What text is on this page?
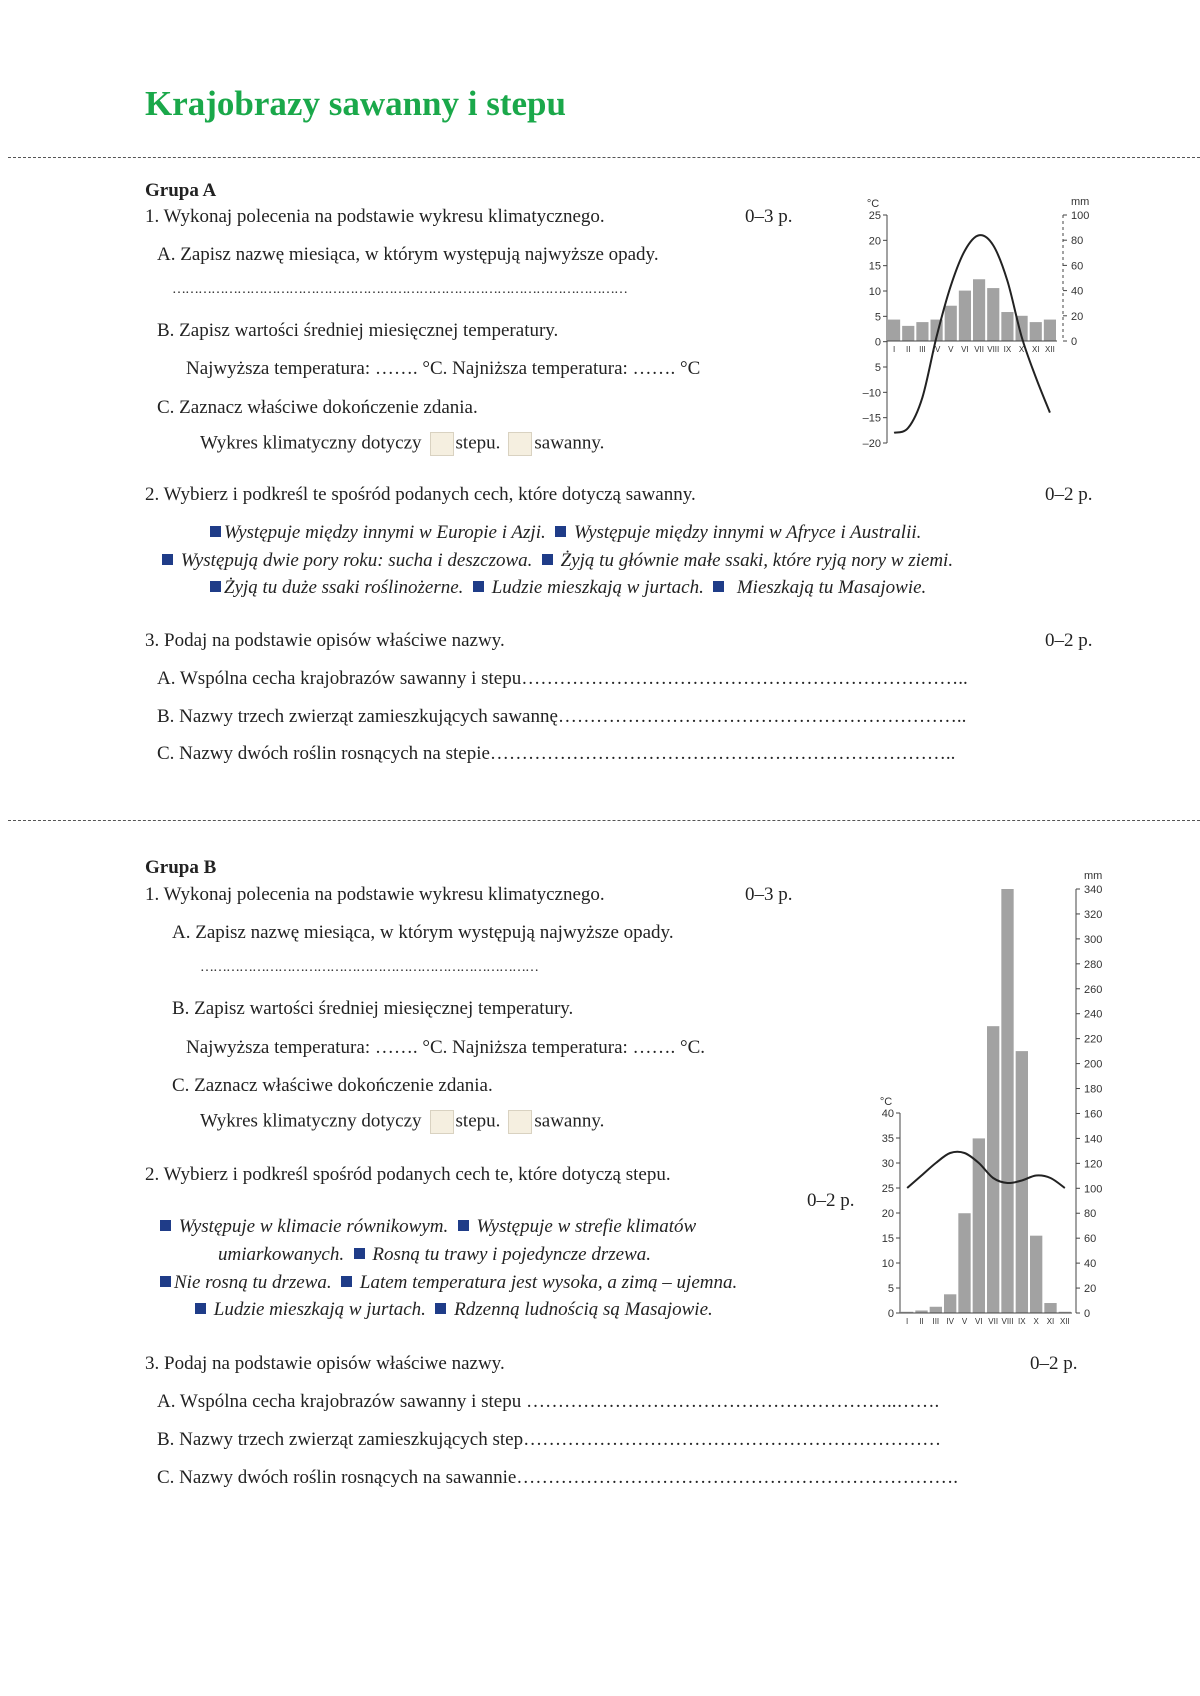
Krajobrazy sawanny i stepu
Grupa A
1. Wykonaj polecenia na podstawie wykresu klimatycznego.	0–3 p.
A. Zapisz nazwę miesiąca, w którym występują najwyższe opady.
……………………………………………………………………………………………
B. Zapisz wartości średniej miesięcznej temperatury.
Najwyższa temperatura: ……. °C. Najniższa temperatura: ……. °C
C. Zaznacz właściwe dokończenie zdania.
Wykres klimatyczny dotyczy stepu. sawanny.
25
20
15
10
5
0
5
–10
–15
–20
°C
100
80
60
40
20
0
mm
I II III IV V VI VII VIII IX X XI XII
2. Wybierz i podkreśl te spośród podanych cech, które dotyczą sawanny.	0–2 p.
Występuje między innymi w Europie i Azji. Występuje między innymi w Afryce i Australii.
Występują dwie pory roku: sucha i deszczowa. Żyją tu głównie małe ssaki, które ryją nory w ziemi.
Żyją tu duże ssaki roślinożerne. Ludzie mieszkają w jurtach. Mieszkają tu Masajowie.
3. Podaj na podstawie opisów właściwe nazwy.	0–2 p.
A. Wspólna cecha krajobrazów sawanny i stepu……………………………………………………………..
B. Nazwy trzech zwierząt zamieszkujących sawannę………………………………………………………..
C. Nazwy dwóch roślin rosnących na stepie………………………………………………………………..
Grupa B
1. Wykonaj polecenia na podstawie wykresu klimatycznego.	0–3 p.
A. Zapisz nazwę miesiąca, w którym występują najwyższe opady.
……………………………………………………………………
B. Zapisz wartości średniej miesięcznej temperatury.
Najwyższa temperatura: ……. °C. Najniższa temperatura: ……. °C.
C. Zaznacz właściwe dokończenie zdania.
Wykres klimatyczny dotyczy stepu. sawanny.	40
35
30
25
20
15
10
5
0
°C
340
320
300
280
260
240
220
200
180
160
140
120
100
80
60
40
20
0
mm
I II III IV V VI VII VIII IX X XI XII
2. Wybierz i podkreśl spośród podanych cech te, które dotyczą stepu.
0–2 p.
Występuje w klimacie równikowym. Występuje w strefie klimatów
umiarkowanych. Rosną tu trawy i pojedyncze drzewa.
Nie rosną tu drzewa. Latem temperatura jest wysoka, a zimą – ujemna.
Ludzie mieszkają w jurtach. Rdzenną ludnością są Masajowie.
3. Podaj na podstawie opisów właściwe nazwy.	0–2 p.
A. Wspólna cecha krajobrazów sawanny i stepu …………………………………………………..…….
B. Nazwy trzech zwierząt zamieszkujących step…………………………………………………………
C. Nazwy dwóch roślin rosnących na sawannie…………………………………………………………….
